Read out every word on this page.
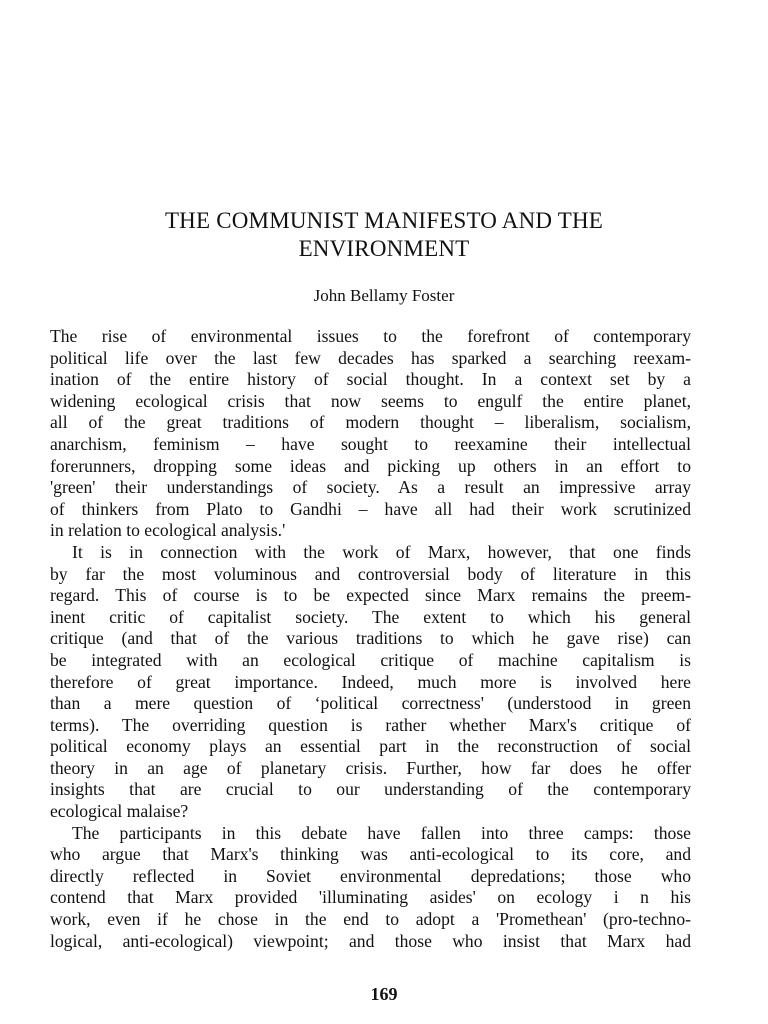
THE COMMUNIST MANIFESTO AND THE
ENVIRONMENT

John Bellamy Foster

The rise of environmental issues to the forefront of contemporary
political life over the last few decades has sparked a searching reexam-
ination of the entire history of social thought. In a context set by a
widening ecological crisis that now seems to engulf the entire planet,
all of the great traditions of modern thought – liberalism, socialism,
anarchism, feminism – have sought to reexamine their intellectual
forerunners, dropping some ideas and picking up others in an effort to
'green' their understandings of society. As a result an impressive array
of thinkers from Plato to Gandhi – have all had their work scrutinized
in relation to ecological analysis.'
It is in connection with the work of Marx, however, that one finds
by far the most voluminous and controversial body of literature in this
regard. This of course is to be expected since Marx remains the preem-
inent critic of capitalist society. The extent to which his general
critique (and that of the various traditions to which he gave rise) can
be integrated with an ecological critique of machine capitalism is
therefore of great importance. Indeed, much more is involved here
than a mere question of ‘political correctness' (understood in green
terms). The overriding question is rather whether Marx's critique of
political economy plays an essential part in the reconstruction of social
theory in an age of planetary crisis. Further, how far does he offer
insights that are crucial to our understanding of the contemporary
ecological malaise?
The participants in this debate have fallen into three camps: those
who argue that Marx's thinking was anti-ecological to its core, and
directly reflected in Soviet environmental depredations; those who
contend that Marx provided 'illuminating asides' on ecology i n his
work, even if he chose in the end to adopt a 'Promethean' (pro-techno-
logical, anti-ecological) viewpoint; and those who insist that Marx had

169
